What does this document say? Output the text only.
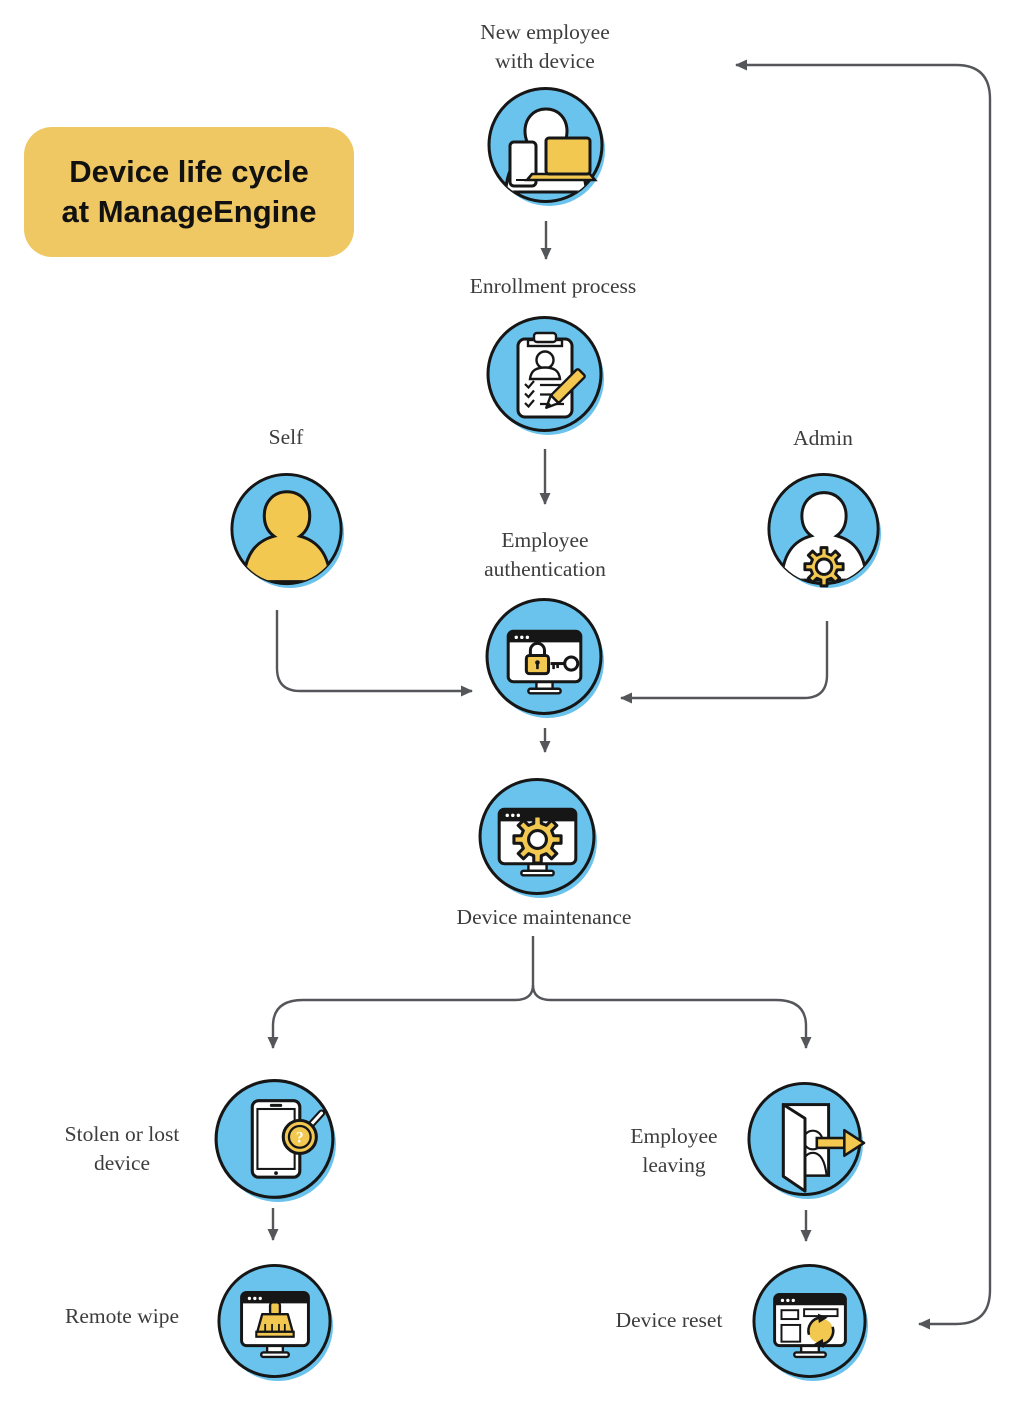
Device life cycle
at ManageEngine
New employee
with device
Enrollment process
Self	Admin
Employee
authentication
Device maintenance
Stolen or lost
device
Employee
leaving
Remote wipe	Device reset
?
